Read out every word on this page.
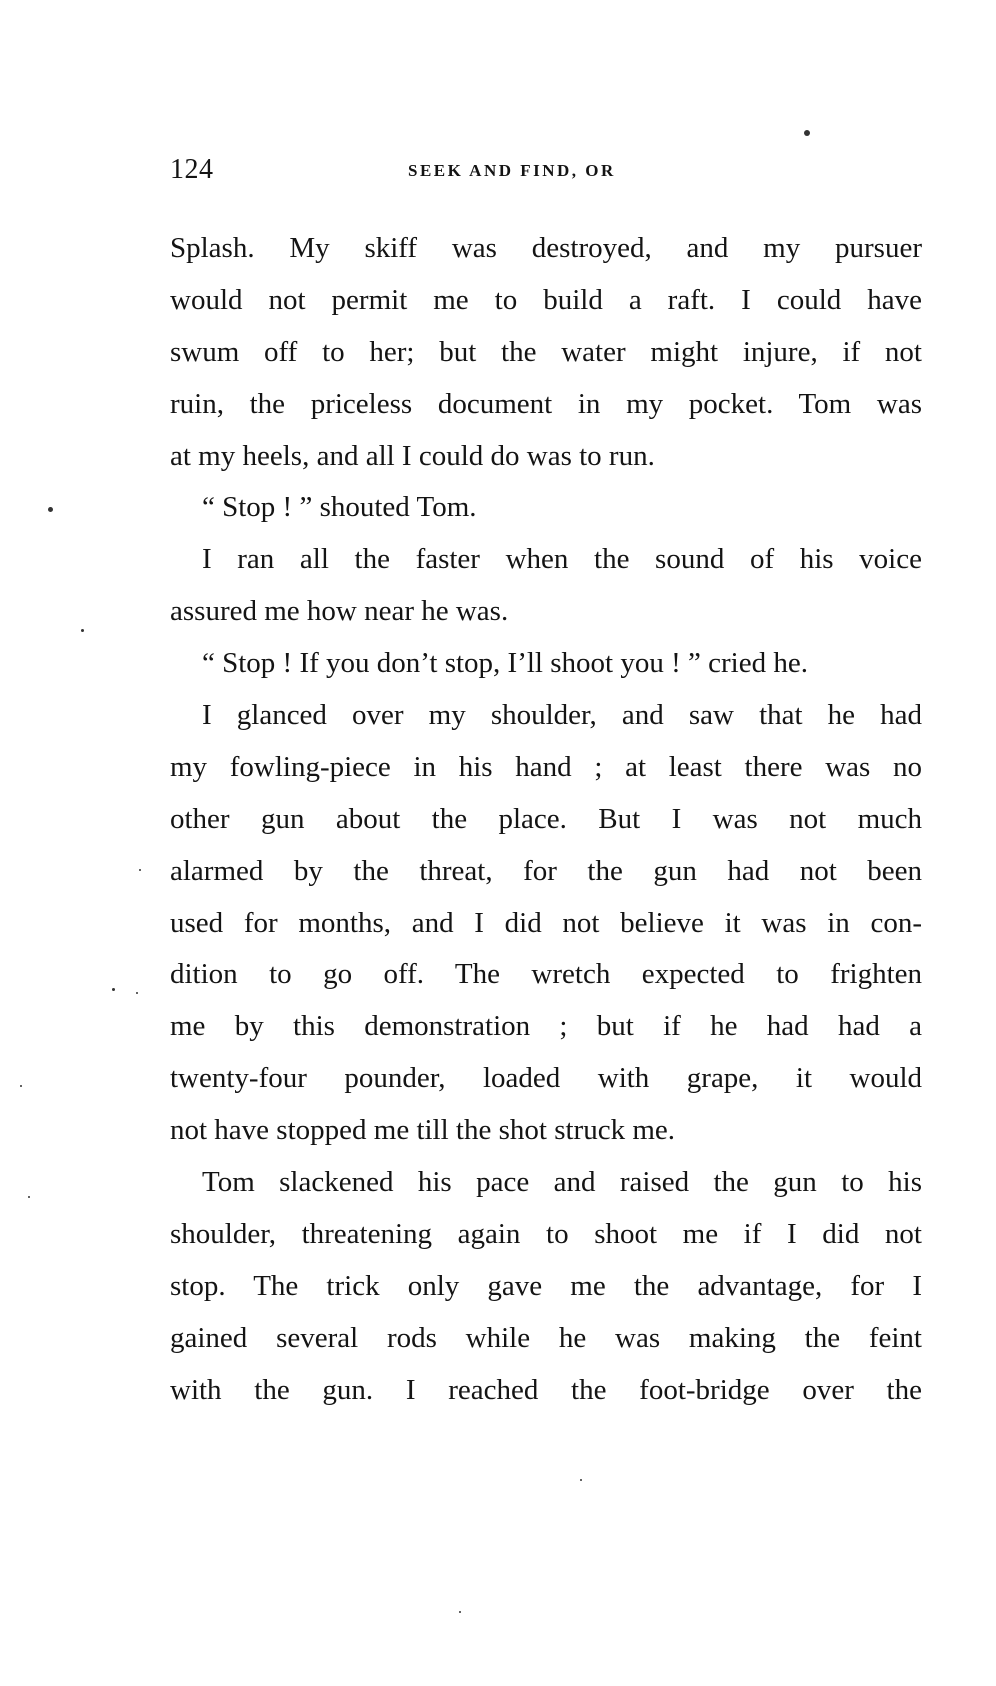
124	SEEK AND FIND, OR
Splash. My skiff was destroyed, and my pursuer
would not permit me to build a raft. I could have
swum off to her; but the water might injure, if not
ruin, the priceless document in my pocket. Tom was
at my heels, and all I could do was to run.
“ Stop ! ” shouted Tom.
I ran all the faster when the sound of his voice
assured me how near he was.
“ Stop ! If you don’t stop, I’ll shoot you ! ” cried he.
I glanced over my shoulder, and saw that he had
my fowling-piece in his hand ; at least there was no
other gun about the place. But I was not much
alarmed by the threat, for the gun had not been
used for months, and I did not believe it was in con-
dition to go off. The wretch expected to frighten
me by this demonstration ; but if he had had a
twenty-four pounder, loaded with grape, it would
not have stopped me till the shot struck me.
Tom slackened his pace and raised the gun to his
shoulder, threatening again to shoot me if I did not
stop. The trick only gave me the advantage, for I
gained several rods while he was making the feint
with the gun. I reached the foot-bridge over the
